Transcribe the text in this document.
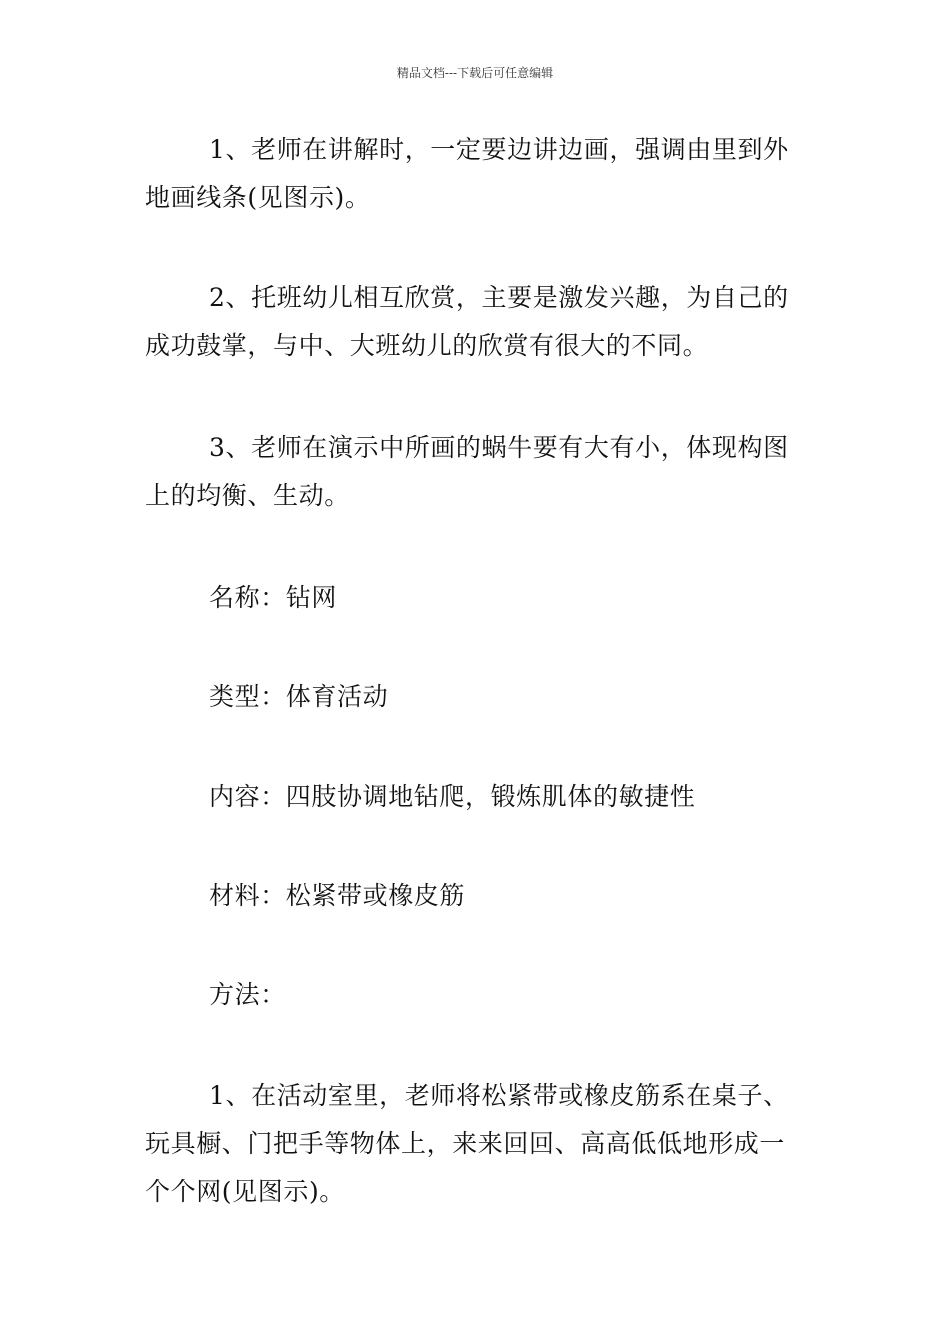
精品文档---下载后可任意编辑
1、老师在讲解时，一定要边讲边画，强调由里到外地画线条(见图示)。
2、托班幼儿相互欣赏，主要是激发兴趣，为自己的成功鼓掌，与中、大班幼儿的欣赏有很大的不同。
3、老师在演示中所画的蜗牛要有大有小，体现构图上的均衡、生动。
名称：钻网
类型：体育活动
内容：四肢协调地钻爬，锻炼肌体的敏捷性
材料：松紧带或橡皮筋
方法：
1、在活动室里，老师将松紧带或橡皮筋系在桌子、玩具橱、门把手等物体上，来来回回、高高低低地形成一个个网(见图示)。
